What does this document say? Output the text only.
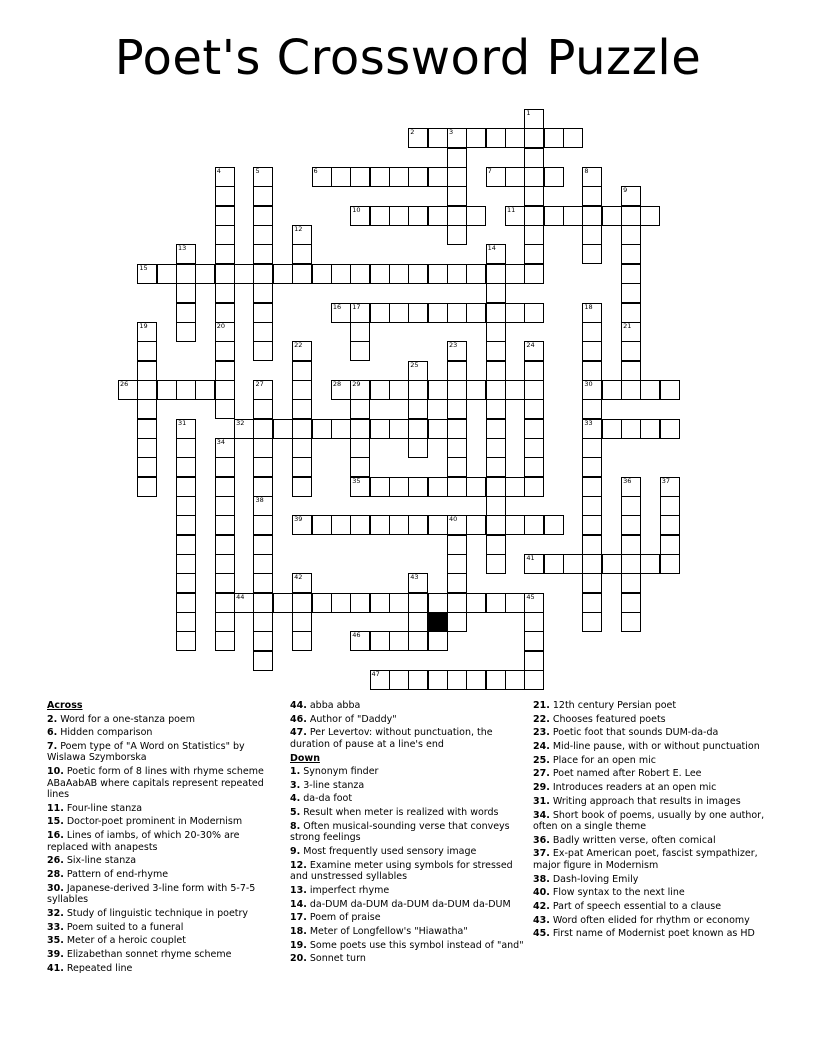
Poet's Crossword Puzzle
1
2	3
4
20
5	6	7	8
9
10	11
12
13	14
15
16 17	18
30
33
19	21
22	23	24
25
26	27	28 29
31	32
34
35	36	37
38
39	40
41
42	43
44	45
46
47
Across
2. Word for a one-stanza poem
6. Hidden comparison
7. Poem type of "A Word on Statistics" by Wislawa Szymborska
10. Poetic form of 8 lines with rhyme scheme ABaAabAB where capitals represent repeated lines
11. Four-line stanza
15. Doctor-poet prominent in Modernism
16. Lines of iambs, of which 20-30% are replaced with anapests
26. Six-line stanza
28. Pattern of end-rhyme
30. Japanese-derived 3-line form with 5-7-5 syllables
32. Study of linguistic technique in poetry
33. Poem suited to a funeral
35. Meter of a heroic couplet
39. Elizabethan sonnet rhyme scheme
41. Repeated line
44. abba abba
46. Author of "Daddy"
47. Per Levertov: without punctuation, the duration of pause at a line's end
Down
1. Synonym finder
3. 3-line stanza
4. da-da foot
5. Result when meter is realized with words
8. Often musical-sounding verse that conveys strong feelings
9. Most frequently used sensory image
12. Examine meter using symbols for stressed and unstressed syllables
13. imperfect rhyme
14. da-DUM da-DUM da-DUM da-DUM da-DUM
17. Poem of praise
18. Meter of Longfellow's "Hiawatha"
19. Some poets use this symbol instead of "and"
20. Sonnet turn
21. 12th century Persian poet
22. Chooses featured poets
23. Poetic foot that sounds DUM-da-da
24. Mid-line pause, with or without punctuation
25. Place for an open mic
27. Poet named after Robert E. Lee
29. Introduces readers at an open mic
31. Writing approach that results in images
34. Short book of poems, usually by one author, often on a single theme
36. Badly written verse, often comical
37. Ex-pat American poet, fascist sympathizer, major figure in Modernism
38. Dash-loving Emily
40. Flow syntax to the next line
42. Part of speech essential to a clause
43. Word often elided for rhythm or economy
45. First name of Modernist poet known as HD
